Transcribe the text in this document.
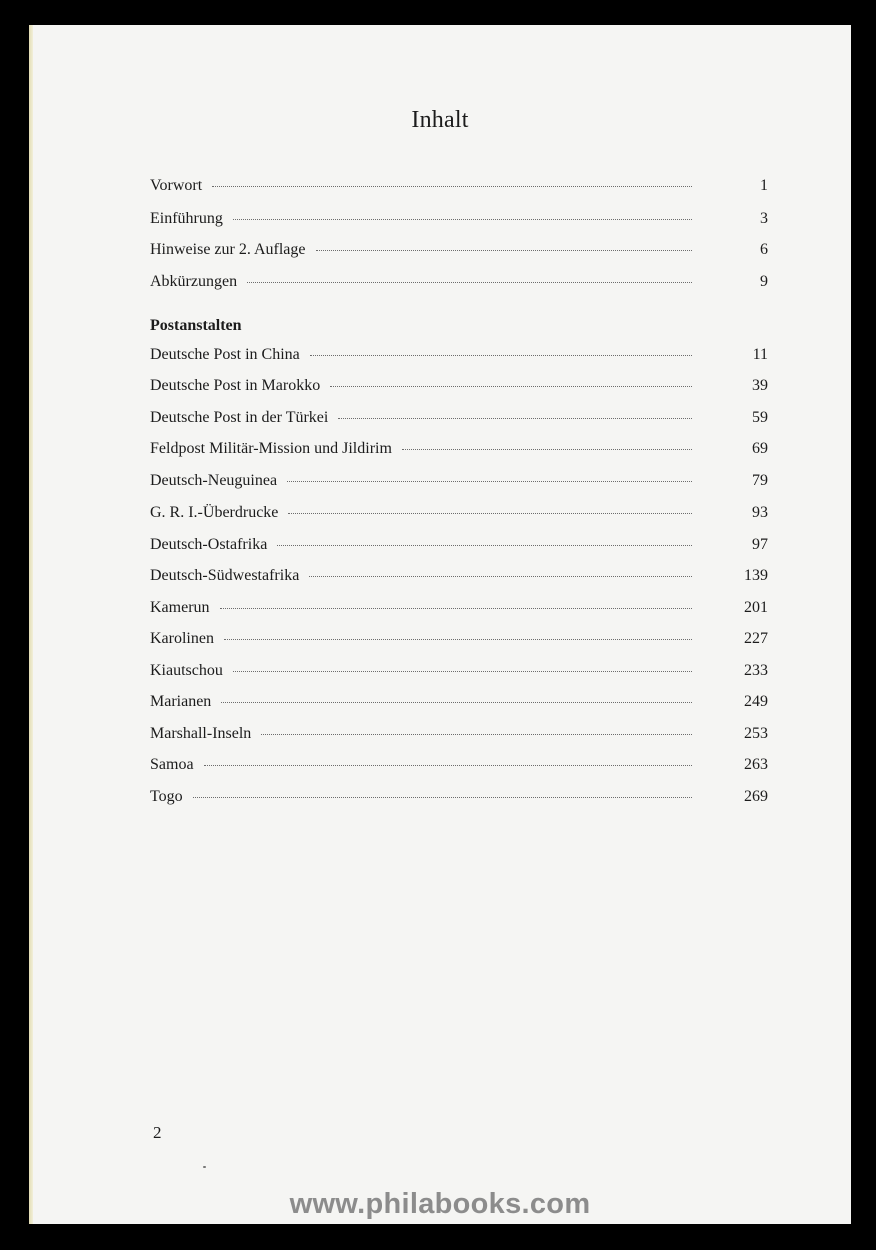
Inhalt
Vorwort	1
Einführung	3
Hinweise zur 2. Auflage	6
Abkürzungen	9
Postanstalten
Deutsche Post in China	11
Deutsche Post in Marokko	39
Deutsche Post in der Türkei	59
Feldpost Militär-Mission und Jildirim	69
Deutsch-Neuguinea	79
G. R. I.-Überdrucke	93
Deutsch-Ostafrika	97
Deutsch-Südwestafrika	139
Kamerun	201
Karolinen	227
Kiautschou	233
Marianen	249
Marshall-Inseln	253
Samoa	263
Togo	269
2
www.philabooks.com
